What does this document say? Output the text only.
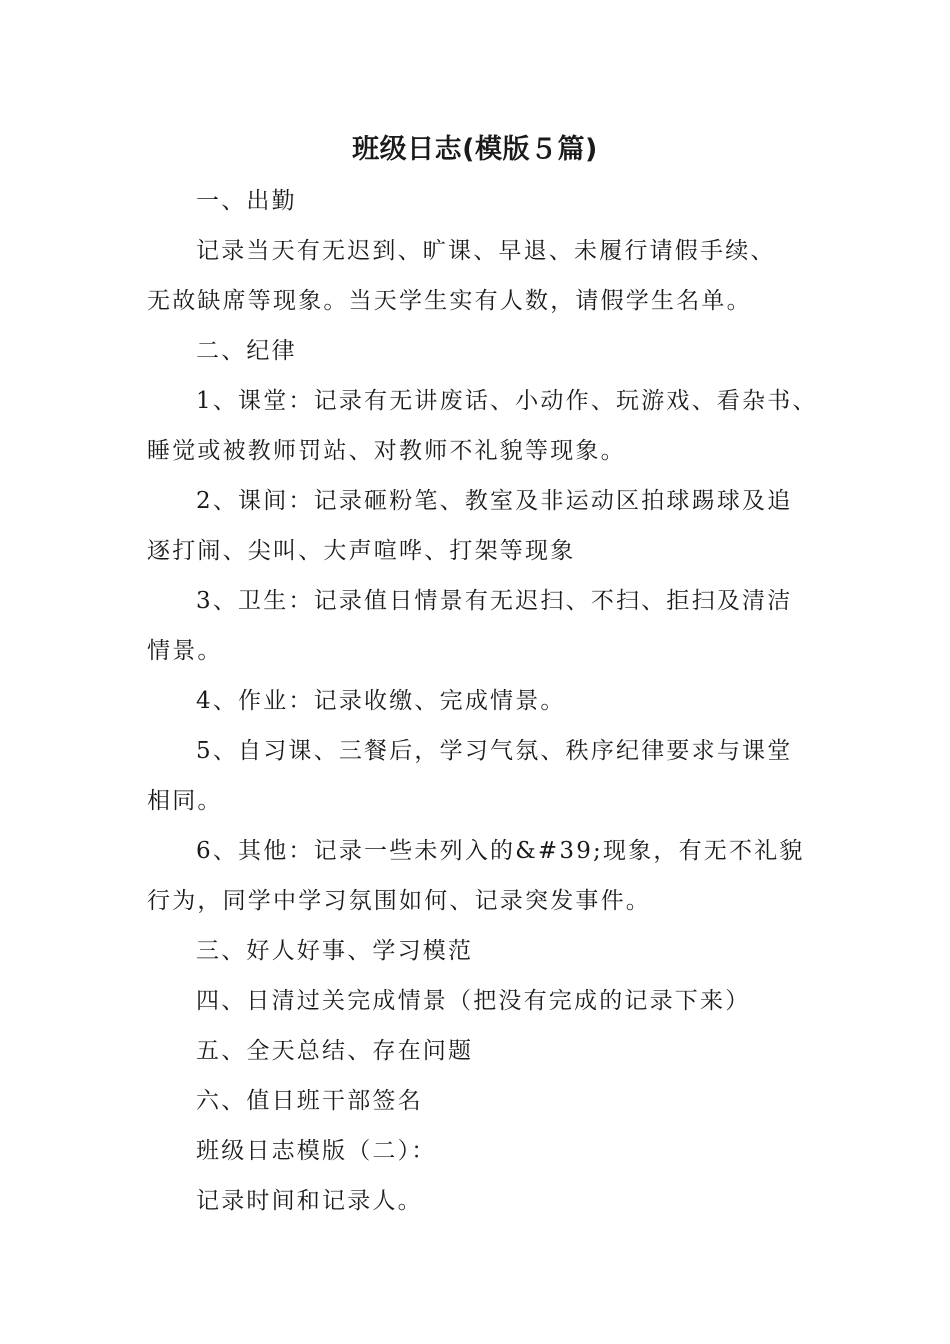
班级日志(模版５篇)

一、出勤

记录当天有无迟到、旷课、早退、未履行请假手续、

无故缺席等现象。当天学生实有人数，请假学生名单。

二、纪律

1、课堂：记录有无讲废话、小动作、玩游戏、看杂书、

睡觉或被教师罚站、对教师不礼貌等现象。

2、课间：记录砸粉笔、教室及非运动区拍球踢球及追

逐打闹、尖叫、大声喧哗、打架等现象

3、卫生：记录值日情景有无迟扫、不扫、拒扫及清洁

情景。

4、作业：记录收缴、完成情景。

5、自习课、三餐后，学习气氛、秩序纪律要求与课堂

相同。

6、其他：记录一些未列入的&#39;现象，有无不礼貌

行为，同学中学习氛围如何、记录突发事件。

三、好人好事、学习模范

四、日清过关完成情景（把没有完成的记录下来）

五、全天总结、存在问题

六、值日班干部签名

班级日志模版（二）：

记录时间和记录人。
